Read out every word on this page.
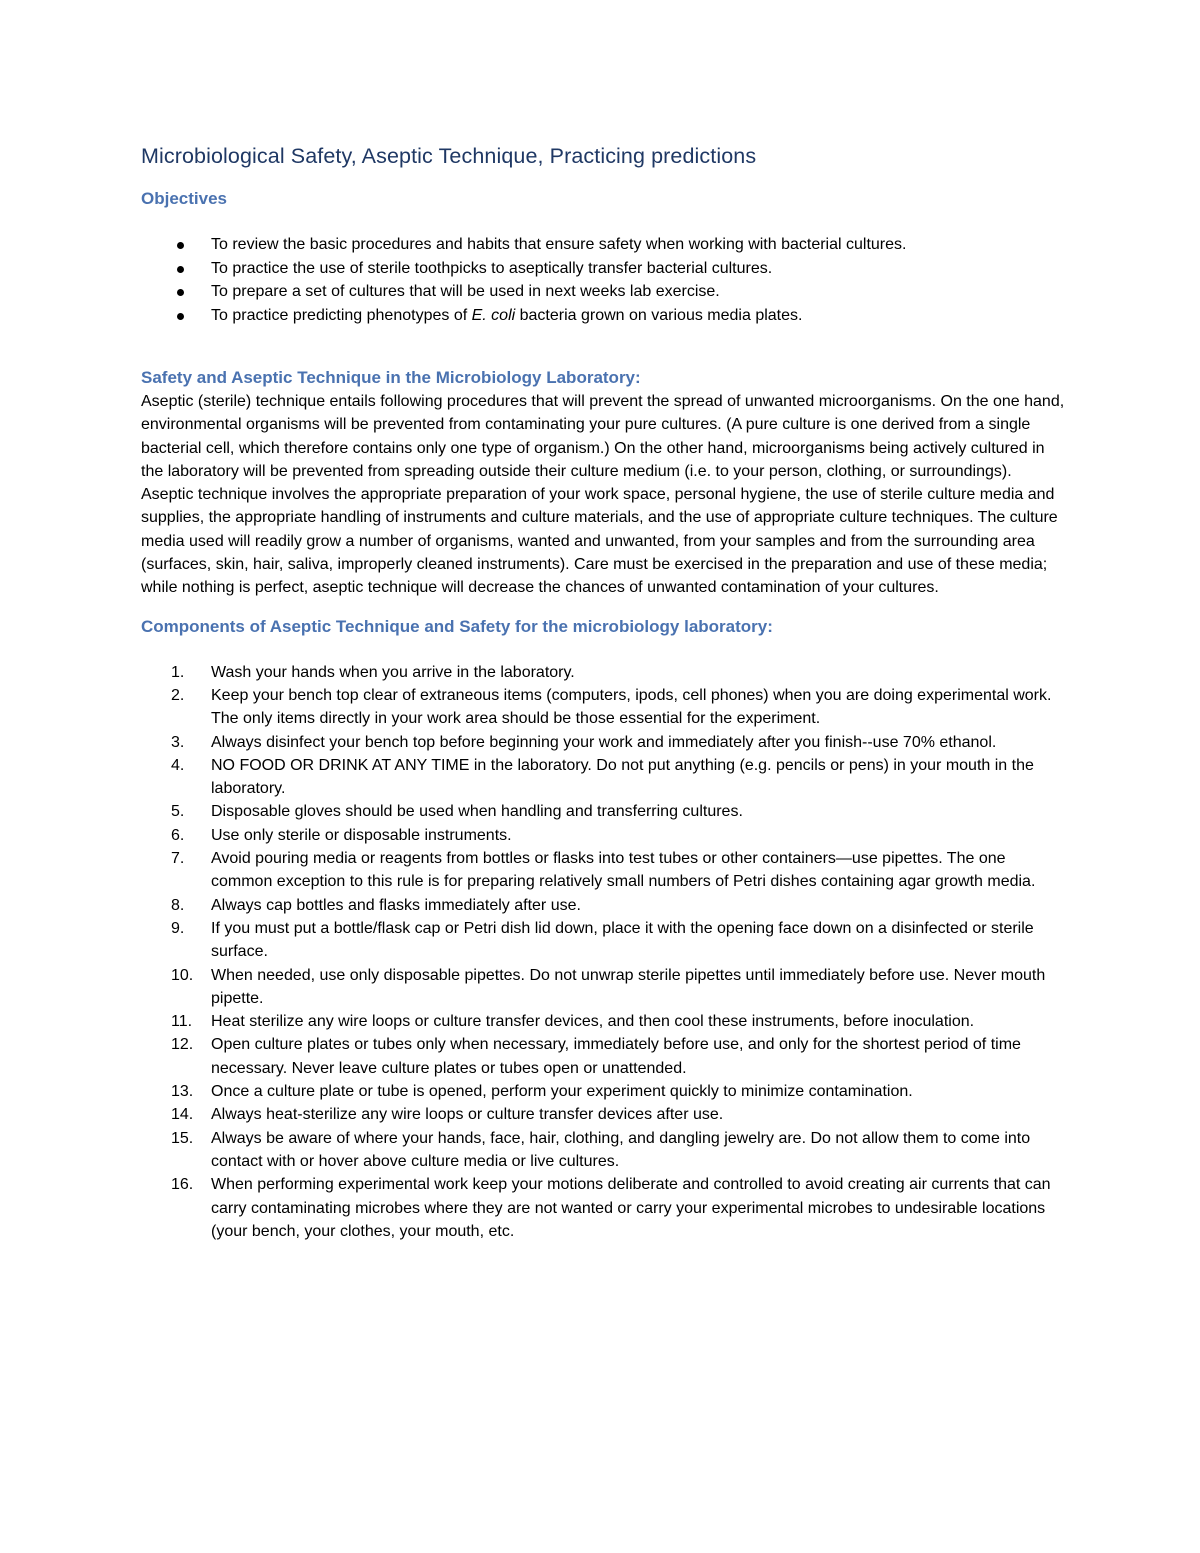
Microbiological Safety, Aseptic Technique, Practicing predictions
Objectives
To review the basic procedures and habits that ensure safety when working with bacterial cultures.
To practice the use of sterile toothpicks to aseptically transfer bacterial cultures.
To prepare a set of cultures that will be used in next weeks lab exercise.
To practice predicting phenotypes of E. coli bacteria grown on various media plates.
Safety and Aseptic Technique in the Microbiology Laboratory:

Aseptic (sterile) technique entails following procedures that will prevent the spread of unwanted microorganisms. On the one hand, environmental organisms will be prevented from contaminating your pure cultures. (A pure culture is one derived from a single bacterial cell, which therefore contains only one type of organism.) On the other hand, microorganisms being actively cultured in the laboratory will be prevented from spreading outside their culture medium (i.e. to your person, clothing, or surroundings).

Aseptic technique involves the appropriate preparation of your work space, personal hygiene, the use of sterile culture media and supplies, the appropriate handling of instruments and culture materials, and the use of appropriate culture techniques. The culture media used will readily grow a number of organisms, wanted and unwanted, from your samples and from the surrounding area (surfaces, skin, hair, saliva, improperly cleaned instruments). Care must be exercised in the preparation and use of these media; while nothing is perfect, aseptic technique will decrease the chances of unwanted contamination of your cultures.

Components of Aseptic Technique and Safety for the microbiology laboratory:
1.	Wash your hands when you arrive in the laboratory.
2.	Keep your bench top clear of extraneous items (computers, ipods, cell phones) when you are doing experimental work. The only items directly in your work area should be those essential for the experiment.
3.	Always disinfect your bench top before beginning your work and immediately after you finish--use 70% ethanol.
4.	NO FOOD OR DRINK AT ANY TIME in the laboratory. Do not put anything (e.g. pencils or pens) in your mouth in the laboratory.
5.	Disposable gloves should be used when handling and transferring cultures.
6.	Use only sterile or disposable instruments.
7.	Avoid pouring media or reagents from bottles or flasks into test tubes or other containers—use pipettes. The one common exception to this rule is for preparing relatively small numbers of Petri dishes containing agar growth media.
8.	Always cap bottles and flasks immediately after use.
9.	If you must put a bottle/flask cap or Petri dish lid down, place it with the opening face down on a disinfected or sterile surface.
10.	When needed, use only disposable pipettes. Do not unwrap sterile pipettes until immediately before use. Never mouth pipette.
11.	Heat sterilize any wire loops or culture transfer devices, and then cool these instruments, before inoculation.
12.	Open culture plates or tubes only when necessary, immediately before use, and only for the shortest period of time necessary. Never leave culture plates or tubes open or unattended.
13.	Once a culture plate or tube is opened, perform your experiment quickly to minimize contamination.
14.	Always heat-sterilize any wire loops or culture transfer devices after use.
15.	Always be aware of where your hands, face, hair, clothing, and dangling jewelry are. Do not allow them to come into contact with or hover above culture media or live cultures.
16.	When performing experimental work keep your motions deliberate and controlled to avoid creating air currents that can carry contaminating microbes where they are not wanted or carry your experimental microbes to undesirable locations (your bench, your clothes, your mouth, etc.
